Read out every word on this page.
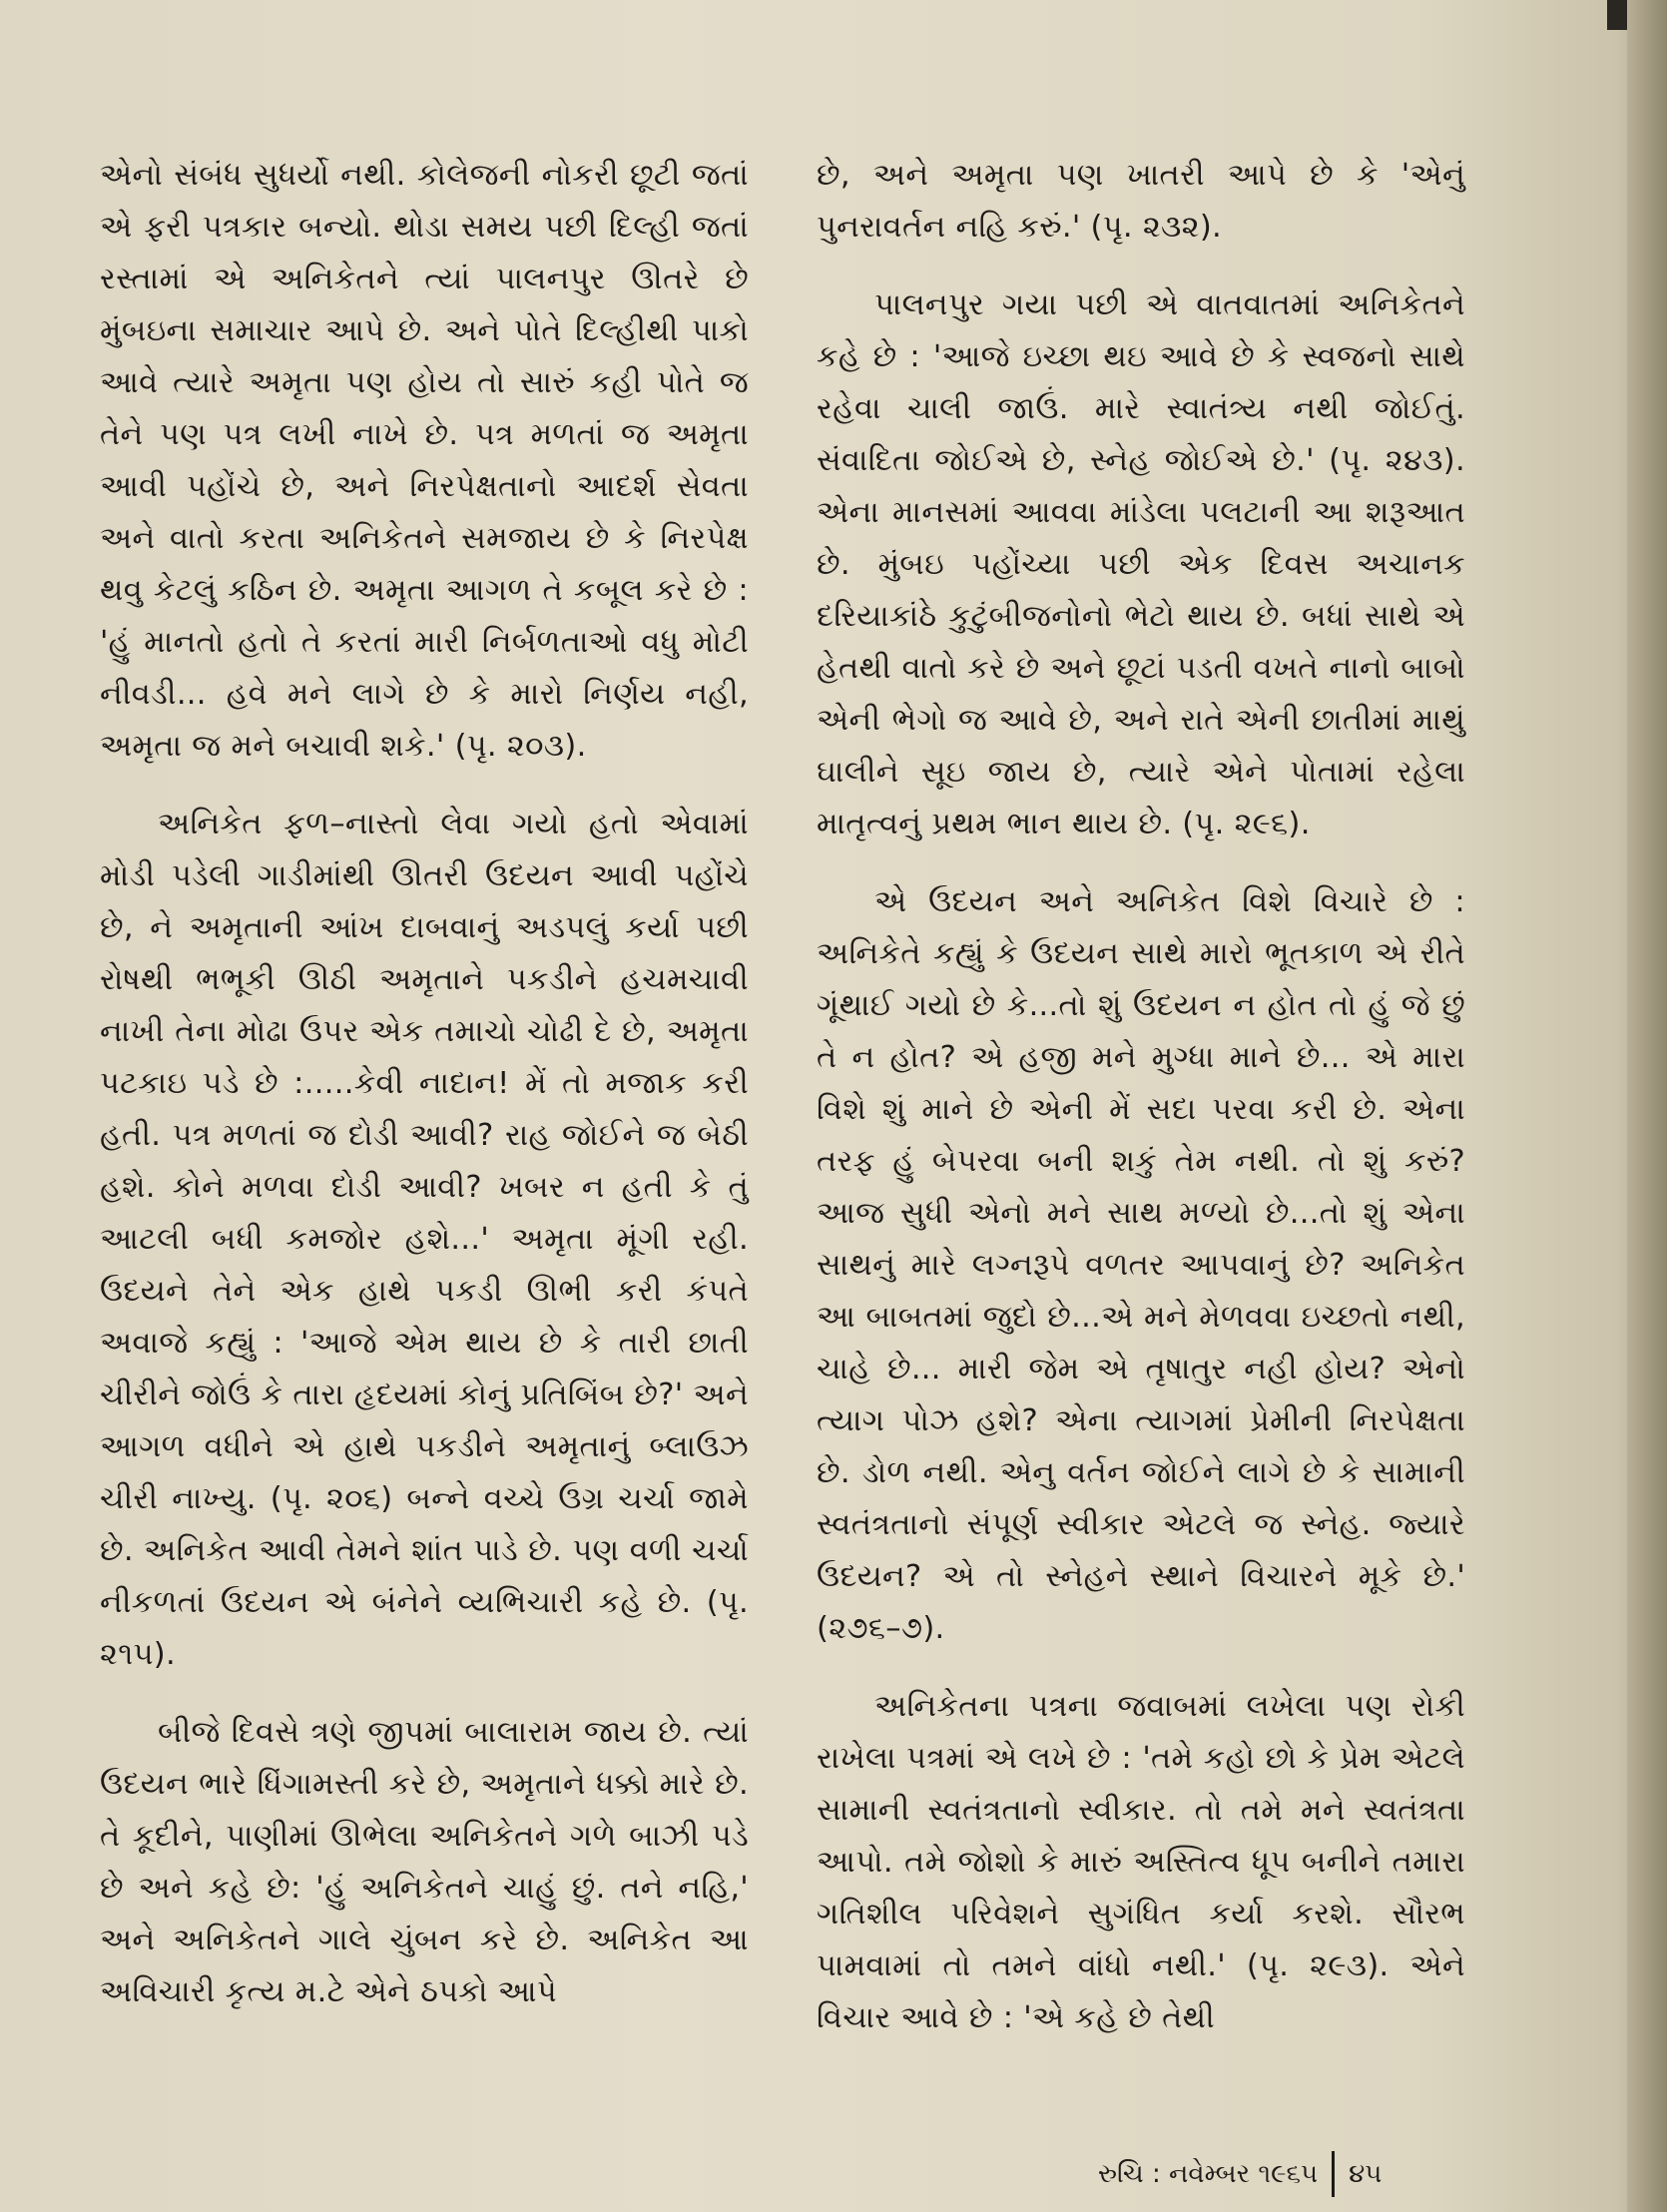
એનો સંબંધ સુધર્યો નથી. કોલેજની નોકરી છૂટી જતાં એ ફરી પત્રકાર બન્યો. થોડા સમય પછી દિલ્હી જતાં રસ્તામાં એ અનિકેતને ત્યાં પાલનપુર ઊતરે છે મુંબઇના સમાચાર આપે છે. અને પોતે દિલ્હીથી પાકો આવે ત્યારે અમૃતા પણ હોય તો સારું કહી પોતે જ તેને પણ પત્ર લખી નાખે છે. પત્ર મળતાં જ અમૃતા આવી પહોંચે છે, અને નિરપેક્ષતાનો આદર્શ સેવતા અને વાતો કરતા અનિકેતને સમજાય છે કે નિરપેક્ષ થવુ કેટલું કઠિન છે. અમૃતા આગળ તે કબૂલ કરે છે : 'હું માનતો હતો તે કરતાં મારી નિર્બળતાઓ વધુ મોટી નીવડી... હવે મને લાગે છે કે મારો નિર્ણય નહી, અમૃતા જ મને બચાવી શકે.' (પૃ. ૨૦૩).

અનિકેત ફળ–નાસ્તો લેવા ગયો હતો એવામાં મોડી પડેલી ગાડીમાંથી ઊતરી ઉદયન આવી પહોંચે છે, ને અમૃતાની આંખ દાબવાનું અડપલું કર્યા પછી રોષથી ભભૂકી ઊઠી અમૃતાને પકડીને હચમચાવી નાખી તેના મોઢા ઉપર એક તમાચો ચોઢી દે છે, અમૃતા પટકાઇ પડે છે :.....કેવી નાદાન! મેં તો મજાક કરી હતી. પત્ર મળતાં જ દોડી આવી? રાહ જોઈને જ બેઠી હશે. કોને મળવા દોડી આવી? ખબર ન હતી કે તું આટલી બધી કમજોર હશે...' અમૃતા મૂંગી રહી. ઉદયને તેને એક હાથે પકડી ઊભી કરી કંપતે અવાજે કહ્યું : 'આજે એમ થાય છે કે તારી છાતી ચીરીને જોઉં કે તારા હૃદયમાં કોનું પ્રતિબિંબ છે?' અને આગળ વધીને એ હાથે પકડીને અમૃતાનું બ્લાઉઝ ચીરી નાખ્યુ. (પૃ. ૨૦૬) બન્ને વચ્ચે ઉગ્ર ચર્ચા જામે છે. અનિકેત આવી તેમને શાંત પાડે છે. પણ વળી ચર્ચા નીકળતાં ઉદયન એ બંનેને વ્યભિચારી કહે છે. (પૃ. ૨૧૫).

બીજે દિવસે ત્રણે જીપમાં બાલારામ જાય છે. ત્યાં ઉદયન ભારે ધિંગામસ્તી કરે છે, અમૃતાને ધક્કો મારે છે. તે કૂદીને, પાણીમાં ઊભેલા અનિકેતને ગળે બાઝી પડે છે અને કહે છે: 'હું અનિકેતને ચાહું છું. તને નહિ,' અને અનિકેતને ગાલે ચુંબન કરે છે. અનિકેત આ અવિચારી કૃત્ય મ.ટે એને ઠપકો આપે

છે, અને અમૃતા પણ ખાતરી આપે છે કે 'એનું પુનરાવર્તન નહિ કરું.' (પૃ. ૨૩૨).

પાલનપુર ગયા પછી એ વાતવાતમાં અનિકેતને કહે છે : 'આજે ઇચ્છા થઇ આવે છે કે સ્વજનો સાથે રહેવા ચાલી જાઉં. મારે સ્વાતંત્ર્ય નથી જોઈતું. સંવાદિતા જોઈએ છે, સ્નેહ જોઈએ છે.' (પૃ. ૨૪૩). એના માનસમાં આવવા માંડેલા પલટાની આ શરૂઆત છે. મુંબઇ પહોંચ્યા પછી એક દિવસ અચાનક દરિયાકાંઠે કુટુંબીજનોનો ભેટો થાય છે. બધાં સાથે એ હેતથી વાતો કરે છે અને છૂટાં પડતી વખતે નાનો બાબો એની ભેગો જ આવે છે, અને રાતે એની છાતીમાં માથું ઘાલીને સૂઇ જાય છે, ત્યારે એને પોતામાં રહેલા માતૃત્વનું પ્રથમ ભાન થાય છે. (પૃ. ૨૯૬).

એ ઉદયન અને અનિકેત વિશે વિચારે છે : અનિકેતે કહ્યું કે ઉદયન સાથે મારો ભૂતકાળ એ રીતે ગૂંથાઈ ગયો છે કે...તો શું ઉદયન ન હોત તો હું જે છું તે ન હોત? એ હજી મને મુગ્ધા માને છે... એ મારા વિશે શું માને છે એની મેં સદા પરવા કરી છે. એના તરફ હું બેપરવા બની શકું તેમ નથી. તો શું કરું? આજ સુધી એનો મને સાથ મળ્યો છે...તો શું એના સાથનું મારે લગ્નરૂપે વળતર આપવાનું છે? અનિકેત આ બાબતમાં જુદો છે...એ મને મેળવવા ઇચ્છતો નથી, ચાહે છે... મારી જેમ એ તૃષાતુર નહી હોય? એનો ત્યાગ પોઝ હશે? એના ત્યાગમાં પ્રેમીની નિરપેક્ષતા છે. ડોળ નથી. એનુ વર્તન જોઈને લાગે છે કે સામાની સ્વતંત્રતાનો સંપૂર્ણ સ્વીકાર એટલે જ સ્નેહ. જ્યારે ઉદયન? એ તો સ્નેહને સ્થાને વિચારને મૂકે છે.' (૨૭૬–૭).

અનિકેતના પત્રના જવાબમાં લખેલા પણ રોકી રાખેલા પત્રમાં એ લખે છે : 'તમે કહો છો કે પ્રેમ એટલે સામાની સ્વતંત્રતાનો સ્વીકાર. તો તમે મને સ્વતંત્રતા આપો. તમે જોશો કે મારું અસ્તિત્વ ધૂપ બનીને તમારા ગતિશીલ પરિવેશને સુગંધિત કર્યા કરશે. સૌરભ પામવામાં તો તમને વાંધો નથી.' (પૃ. ૨૯૩). એને વિચાર આવે છે : 'એ કહે છે તેથી

રુચિ : નવેમ્બર ૧૯૬૫ ૪૫
